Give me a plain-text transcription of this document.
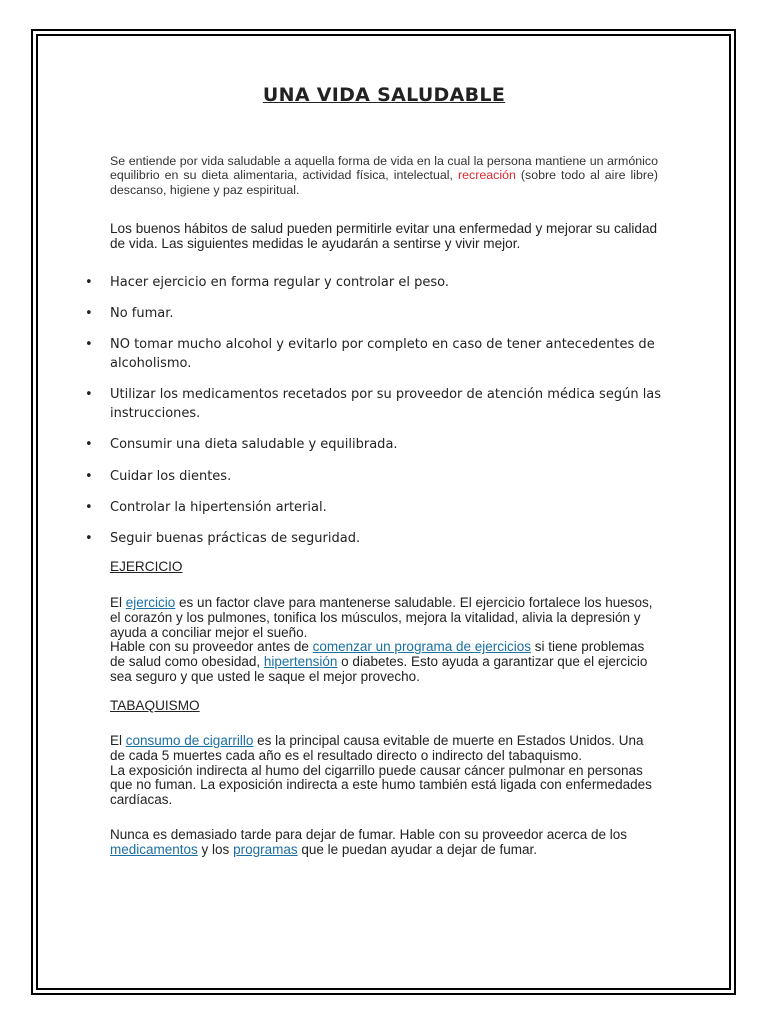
UNA VIDA SALUDABLE

Se entiende por vida saludable a aquella forma de vida en la cual la persona mantiene un armónico equilibrio en su dieta alimentaria, actividad física, intelectual, recreación (sobre todo al aire libre) descanso, higiene y paz espiritual.

Los buenos hábitos de salud pueden permitirle evitar una enfermedad y mejorar su calidad de vida. Las siguientes medidas le ayudarán a sentirse y vivir mejor.

• Hacer ejercicio en forma regular y controlar el peso.
• No fumar.
• NO tomar mucho alcohol y evitarlo por completo en caso de tener antecedentes de alcoholismo.
• Utilizar los medicamentos recetados por su proveedor de atención médica según las instrucciones.
• Consumir una dieta saludable y equilibrada.
• Cuidar los dientes.
• Controlar la hipertensión arterial.
• Seguir buenas prácticas de seguridad.

EJERCICIO

El ejercicio es un factor clave para mantenerse saludable. El ejercicio fortalece los huesos, el corazón y los pulmones, tonifica los músculos, mejora la vitalidad, alivia la depresión y ayuda a conciliar mejor el sueño.
Hable con su proveedor antes de comenzar un programa de ejercicios si tiene problemas de salud como obesidad, hipertensión o diabetes. Esto ayuda a garantizar que el ejercicio sea seguro y que usted le saque el mejor provecho.

TABAQUISMO

El consumo de cigarrillo es la principal causa evitable de muerte en Estados Unidos. Una de cada 5 muertes cada año es el resultado directo o indirecto del tabaquismo.
La exposición indirecta al humo del cigarrillo puede causar cáncer pulmonar en personas que no fuman. La exposición indirecta a este humo también está ligada con enfermedades cardíacas.

Nunca es demasiado tarde para dejar de fumar. Hable con su proveedor acerca de los medicamentos y los programas que le puedan ayudar a dejar de fumar.
